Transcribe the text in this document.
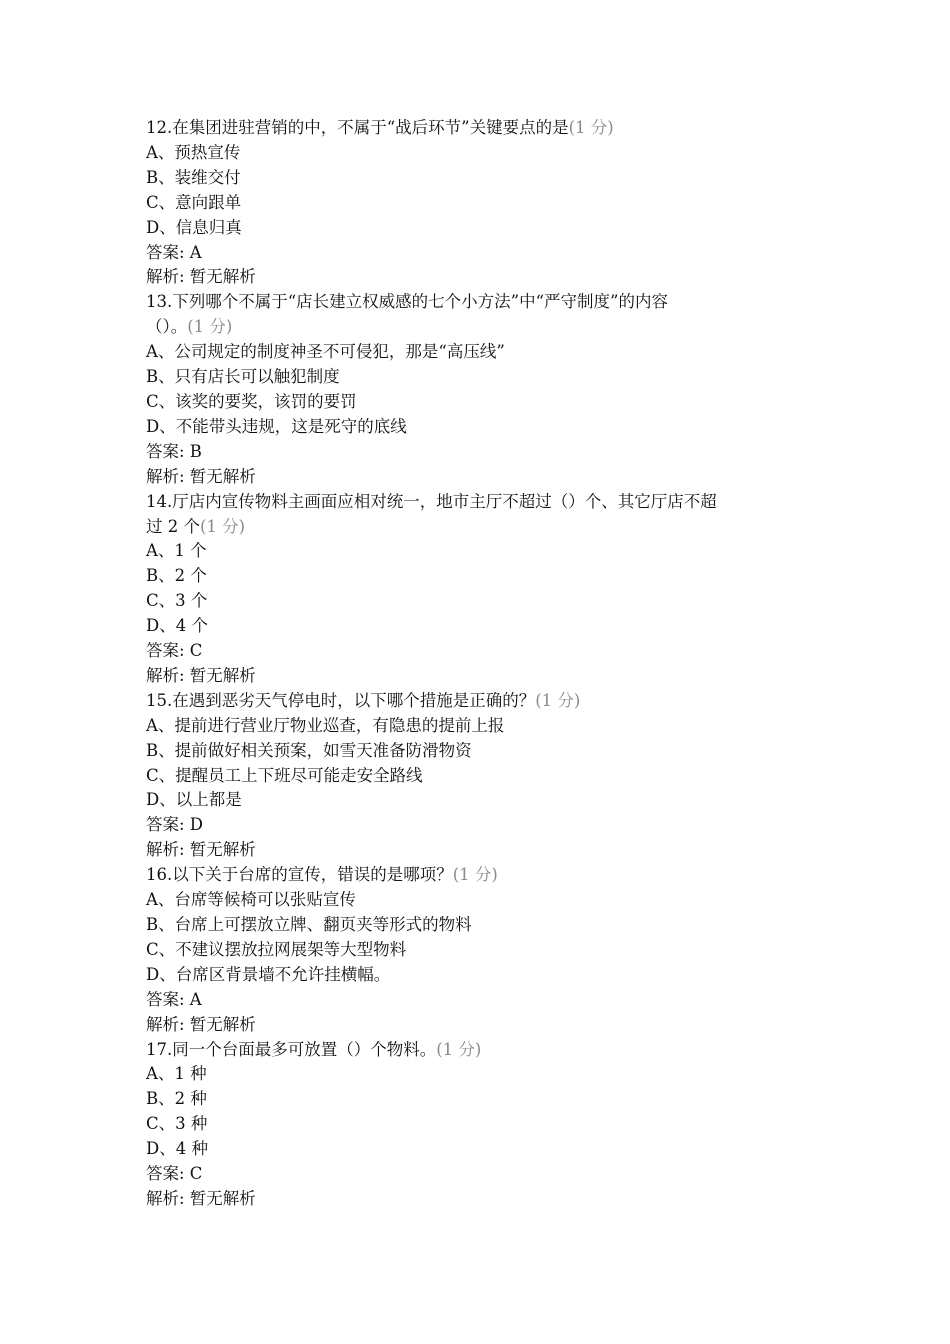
12.在集团进驻营销的中，不属于“战后环节”关键要点的是(1 分)

A、预热宣传

B、装维交付

C、意向跟单

D、信息归真

答案: A

解析: 暂无解析

13.下列哪个不属于“店长建立权威感的七个小方法”中“严守制度”的内容

（）。(1 分)

A、公司规定的制度神圣不可侵犯，那是“高压线”

B、只有店长可以触犯制度

C、该奖的要奖，该罚的要罚

D、不能带头违规，这是死守的底线

答案: B

解析: 暂无解析

14.厅店内宣传物料主画面应相对统一，地市主厅不超过（）个、其它厅店不超

过 2 个(1 分)

A、1 个

B、2 个

C、3 个

D、4 个

答案: C

解析: 暂无解析

15.在遇到恶劣天气停电时，以下哪个措施是正确的？(1 分)

A、提前进行营业厅物业巡查，有隐患的提前上报

B、提前做好相关预案，如雪天准备防滑物资

C、提醒员工上下班尽可能走安全路线

D、以上都是

答案: D

解析: 暂无解析

16.以下关于台席的宣传，错误的是哪项？(1 分)

A、台席等候椅可以张贴宣传

B、台席上可摆放立牌、翻页夹等形式的物料

C、不建议摆放拉网展架等大型物料

D、台席区背景墙不允许挂横幅。

答案: A

解析: 暂无解析

17.同一个台面最多可放置（）个物料。(1 分)

A、1 种

B、2 种

C、3 种

D、4 种

答案: C

解析: 暂无解析
